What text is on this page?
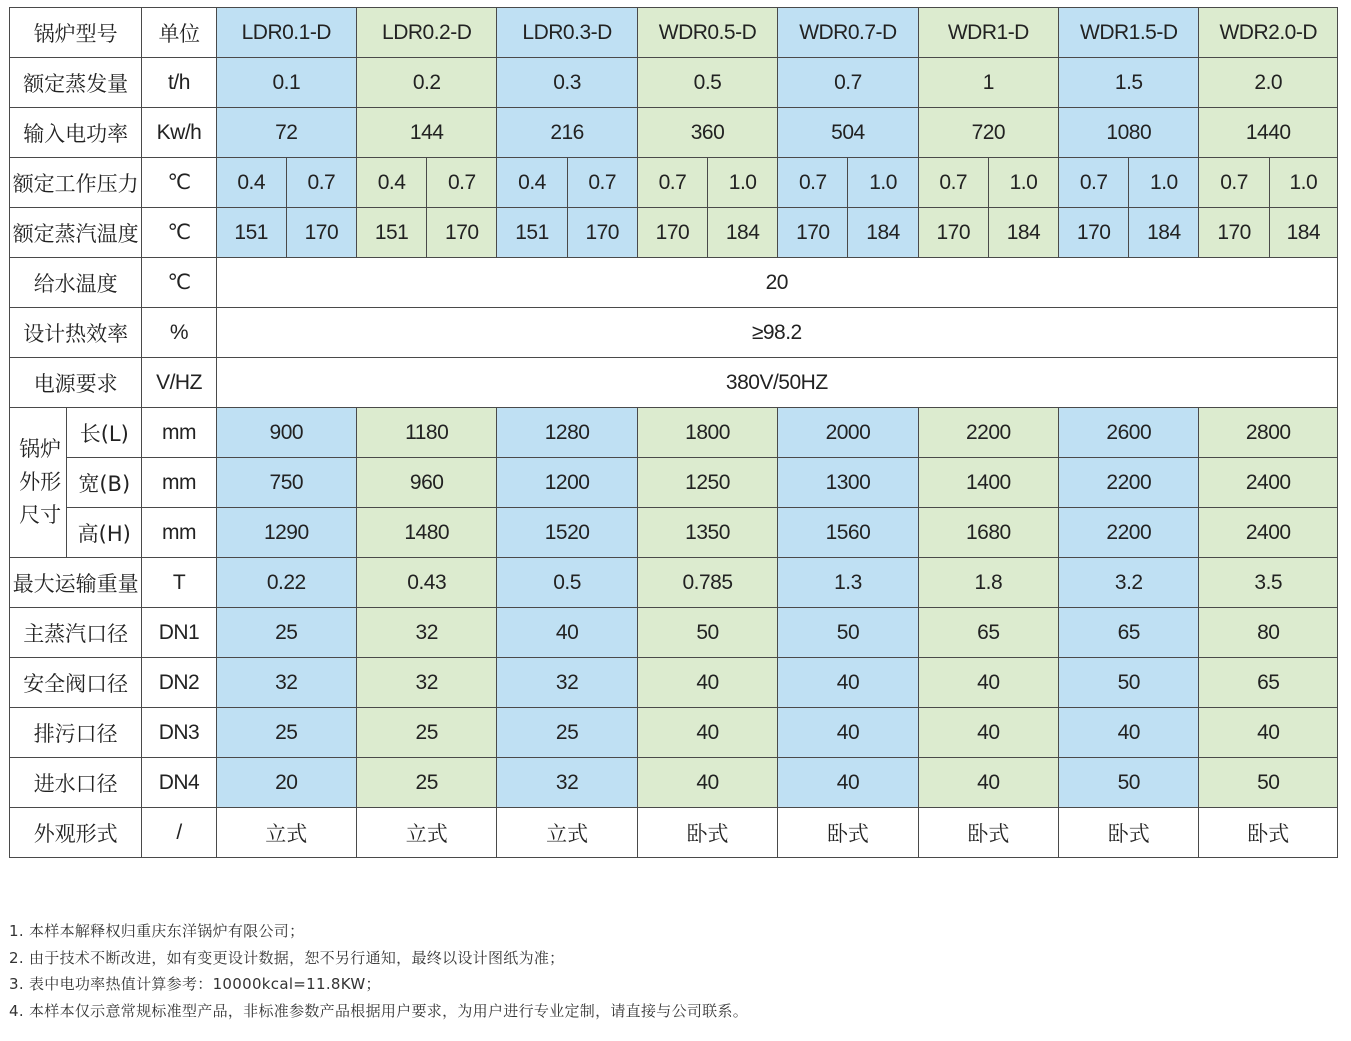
锅炉型号		单位	LDR0.1-D		LDR0.2-D		LDR0.3-D		WDR0.5-D		WDR0.7-D		WDR1-D		WDR1.5-D		WDR2.0-D	
额定蒸发量		t/h	0.1		0.2		0.3		0.5		0.7		1		1.5		2.0	
输入电功率		Kw/h	72		144		216		360		504		720		1080		1440	
额定工作压力		℃	0.4	0.7	0.4	0.7	0.4	0.7	0.7	1.0	0.7	1.0	0.7	1.0	0.7	1.0	0.7	1.0
额定蒸汽温度		℃	151	170	151	170	151	170	170	184	170	184	170	184	170	184	170	184
给水温度		℃	20															
设计热效率		%	≥98.2															
电源要求		V/HZ	380V/50HZ															

锅炉
外形
尺寸	长(L)	mm	900		1180		1280		1800		2000		2200		2600		2800	
	宽(B)	mm	750		960		1200		1250		1300		1400		2200		2400	
	高(H)	mm	1290		1480		1520		1350		1560		1680		2200		2400	
最大运输重量		T	0.22		0.43		0.5		0.785		1.3		1.8		3.2		3.5	
主蒸汽口径		DN1	25		32		40		50		50		65		65		80	
安全阀口径		DN2	32		32		32		40		40		40		50		65	
排污口径		DN3	25		25		25		40		40		40		40		40	
进水口径		DN4	20		25		32		40		40		40		50		50	
外观形式		/	立式		立式		立式		卧式		卧式		卧式		卧式		卧式	
1. 本样本解释权归重庆东洋锅炉有限公司；
2. 由于技术不断改进，如有变更设计数据，恕不另行通知，最终以设计图纸为准；
3. 表中电功率热值计算参考：10000kcal=11.8KW；
4. 本样本仅示意常规标准型产品，非标准参数产品根据用户要求，为用户进行专业定制，请直接与公司联系。
